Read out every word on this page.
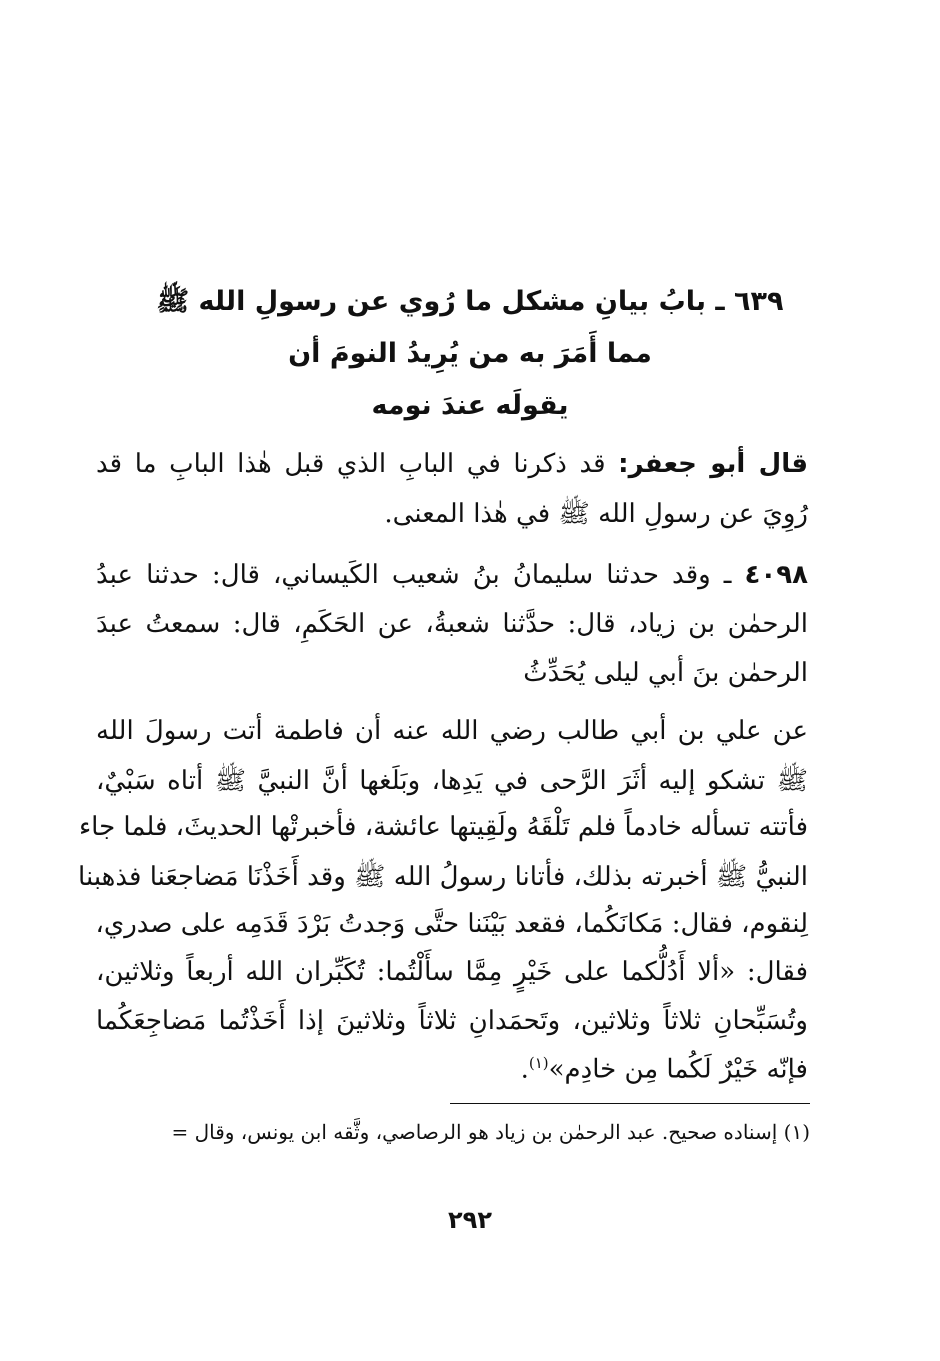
٦٣٩ ـ بابُ بيانِ مشكل ما رُوي عن رسولِ الله ﷺ
مما أَمَرَ به من يُرِيدُ النومَ أن
يقولَه عندَ نومه
قال أبو جعفر: قد ذكرنا في البابِ الذي قبل هٰذا البابِ ما قد
رُوِيَ عن رسولِ الله ﷺ في هٰذا المعنى.
٤٠٩٨ ـ وقد حدثنا سليمانُ بنُ شعيب الكَيساني، قال: حدثنا عبدُ
الرحمٰن بن زياد، قال: حدَّثنا شعبةُ، عن الحَكَمِ، قال: سمعتُ عبدَ
الرحمٰن بنَ أبي ليلى يُحَدِّثُ
عن علي بن أبي طالب رضي الله عنه أن فاطمة أتت رسولَ الله
ﷺ تشكو إليه أثَرَ الرَّحى في يَدِها، وبَلَغها أنَّ النبيَّ ﷺ أتاه سَبْيٌ،
فأتته تسأله خادماً فلم تَلْقَهُ ولَقِيتها عائشة، فأخبرتْها الحديثَ، فلما جاء
النبيُّ ﷺ أخبرته بذلك، فأتانا رسولُ الله ﷺ وقد أَخَذْنَا مَضاجعَنا فذهبنا
لِنقوم، فقال: مَكانَكُما، فقعد بَيْنَنا حتَّى وَجدتُ بَرْدَ قَدَمِه على صدري،
فقال: «ألا أَدُلُّكما على خَيْرٍ مِمَّا سأَلْتُما: تُكَبِّران الله أربعاً وثلاثين،
وتُسَبِّحانِ ثلاثاً وثلاثين، وتَحمَدانِ ثلاثاً وثلاثينَ إذا أَخَذْتُما مَضاجِعَكُما
فإنّه خَيْرٌ لَكُما مِن خادِم»$^{(١)}$.
(١) إسناده صحيح. عبد الرحمٰن بن زياد هو الرصاصي، وثَّقه ابن يونس، وقال =
٢٩٢
